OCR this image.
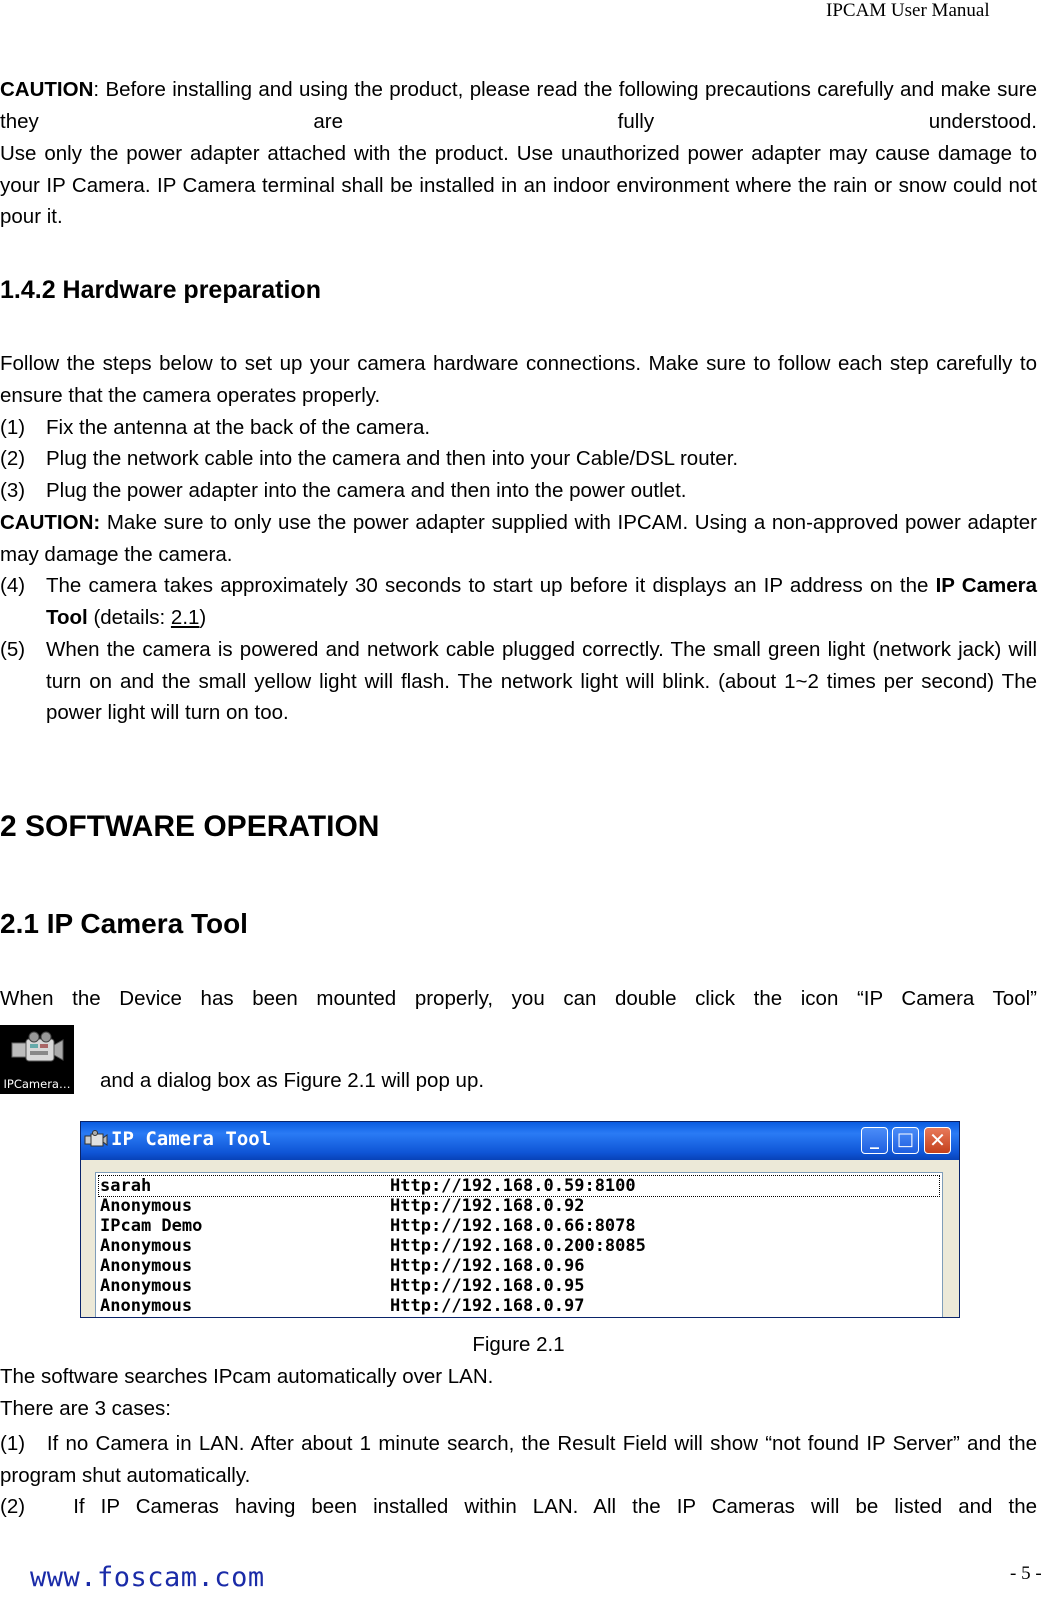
IPCAM User Manual
CAUTION: Before installing and using the product, please read the following precautions carefully and make sure they are fully understood.
Use only the power adapter attached with the product. Use unauthorized power adapter may cause damage to your IP Camera. IP Camera terminal shall be installed in an indoor environment where the rain or snow could not pour it.
1.4.2 Hardware preparation
Follow the steps below to set up your camera hardware connections. Make sure to follow each step carefully to ensure that the camera operates properly.
(1) Fix the antenna at the back of the camera.
(2) Plug the network cable into the camera and then into your Cable/DSL router.
(3) Plug the power adapter into the camera and then into the power outlet.
CAUTION: Make sure to only use the power adapter supplied with IPCAM. Using a non-approved power adapter may damage the camera.
(4) The camera takes approximately 30 seconds to start up before it displays an IP address on the IP Camera Tool (details: 2.1)
(5) When the camera is powered and network cable plugged correctly. The small green light (network jack) will turn on and the small yellow light will flash. The network light will blink. (about 1~2 times per second) The power light will turn on too.
2 SOFTWARE OPERATION
2.1 IP Camera Tool
When the Device has been mounted properly, you can double click the icon “IP Camera Tool”
IPCamera… and a dialog box as Figure 2.1 will pop up.
IP Camera Tool	_ □ ✕
sarah	Http://192.168.0.59:8100
Anonymous	Http://192.168.0.92
IPcam Demo	Http://192.168.0.66:8078
Anonymous	Http://192.168.0.200:8085
Anonymous	Http://192.168.0.96
Anonymous	Http://192.168.0.95
Anonymous	Http://192.168.0.97
Figure 2.1
The software searches IPcam automatically over LAN.
There are 3 cases:
(1) If no Camera in LAN. After about 1 minute search, the Result Field will show “not found IP Server” and the program shut automatically.
(2) If IP Cameras having been installed within LAN. All the IP Cameras will be listed and the
www.foscam.com	- 5 -
